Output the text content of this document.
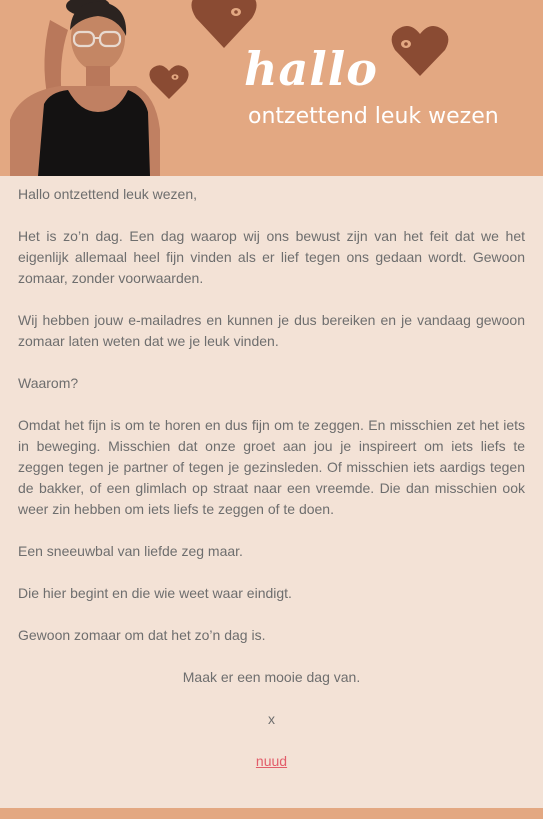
hallo
ontzettend leuk wezen

Hallo ontzettend leuk wezen,

Het is zo’n dag. Een dag waarop wij ons bewust zijn van het feit dat we het eigenlijk allemaal heel fijn vinden als er lief tegen ons gedaan wordt. Gewoon zomaar, zonder voorwaarden.

Wij hebben jouw e-mailadres en kunnen je dus bereiken en je vandaag gewoon zomaar laten weten dat we je leuk vinden.

Waarom?

Omdat het fijn is om te horen en dus fijn om te zeggen. En misschien zet het iets in beweging. Misschien dat onze groet aan jou je inspireert om iets liefs te zeggen tegen je partner of tegen je gezinsleden. Of misschien iets aardigs tegen de bakker, of een glimlach op straat naar een vreemde. Die dan misschien ook weer zin hebben om iets liefs te zeggen of te doen.

Een sneeuwbal van liefde zeg maar.

Die hier begint en die wie weet waar eindigt.

Gewoon zomaar om dat het zo’n dag is.

Maak er een mooie dag van.

x

nuud
